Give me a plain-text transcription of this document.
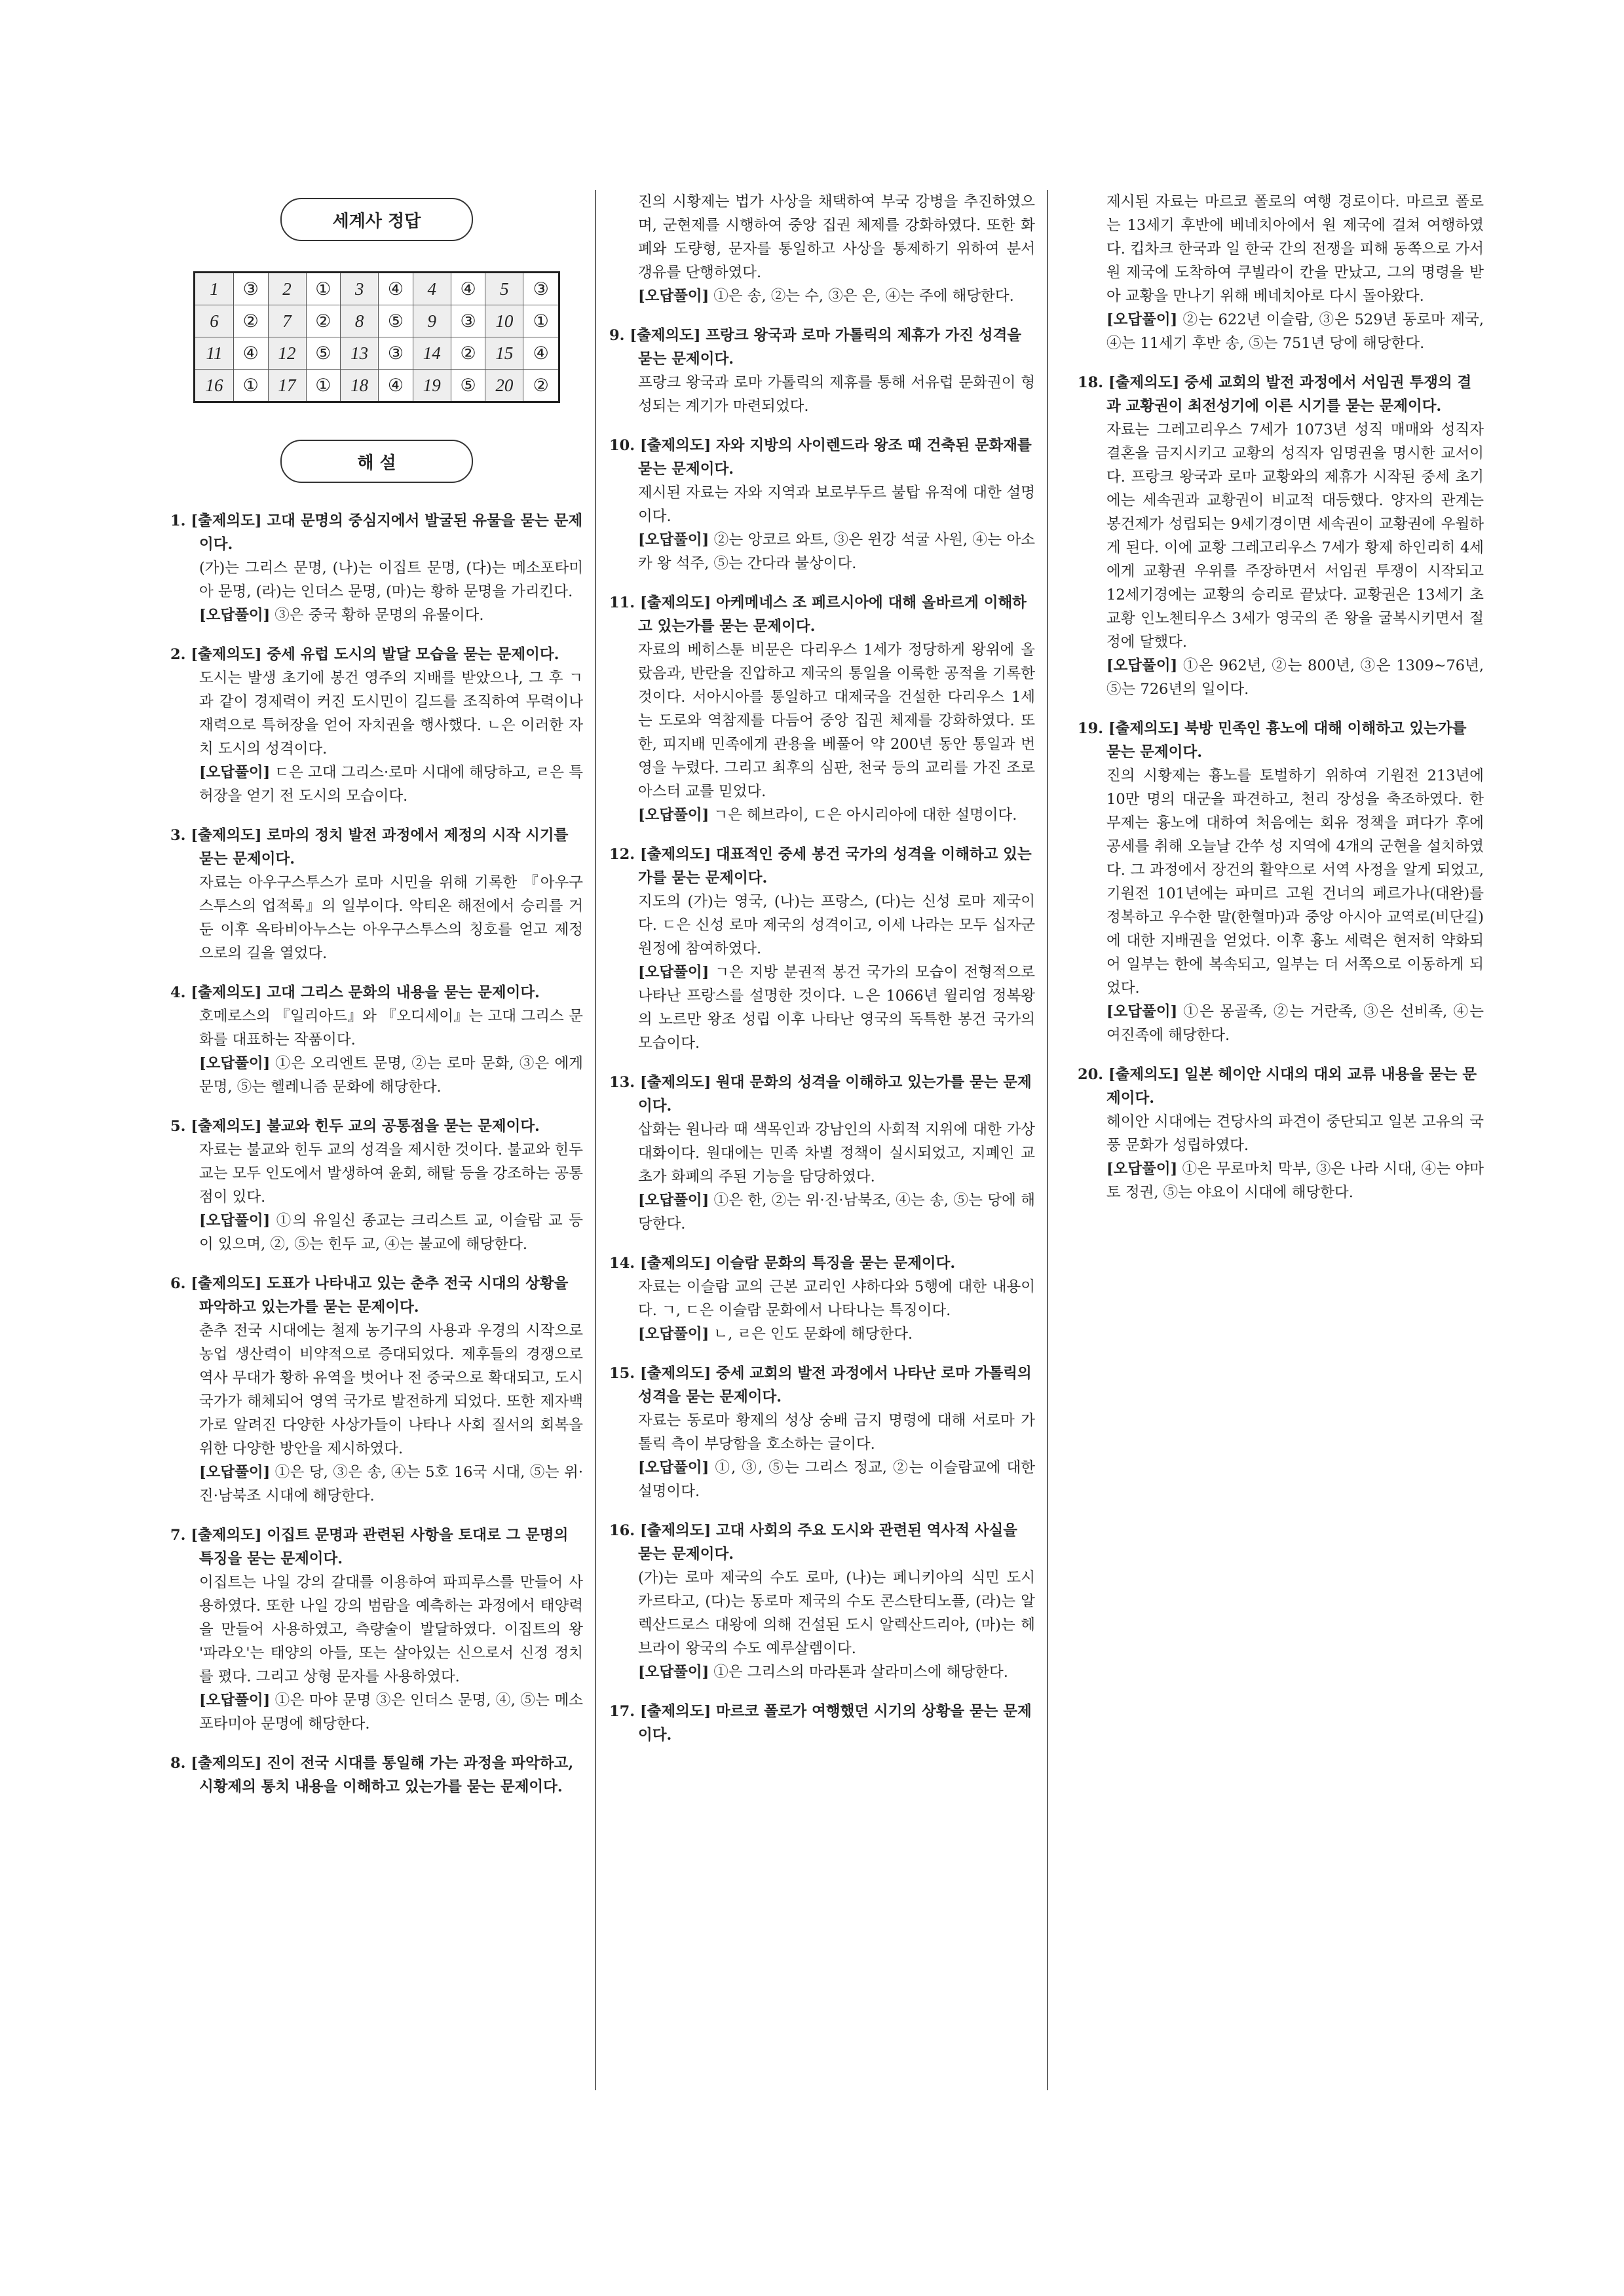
세계사 정답
1	③	2	①	3	④	4	④	5	③
6	②	7	②	8	⑤	9	③	10	①
11	④	12	⑤	13	③	14	②	15	④
16	①	17	①	18	④	19	⑤	20	②
해 설
1. [출제의도] 고대 문명의 중심지에서 발굴된 유물을 묻는 문제이다.

(가)는 그리스 문명, (나)는 이집트 문명, (다)는 메소포타미아 문명, (라)는 인더스 문명, (마)는 황하 문명을 가리킨다.

[오답풀이] ③은 중국 황하 문명의 유물이다.

2. [출제의도] 중세 유럽 도시의 발달 모습을 묻는 문제이다.

도시는 발생 초기에 봉건 영주의 지배를 받았으나, 그 후 ㄱ과 같이 경제력이 커진 도시민이 길드를 조직하여 무력이나 재력으로 특허장을 얻어 자치권을 행사했다. ㄴ은 이러한 자치 도시의 성격이다.

[오답풀이] ㄷ은 고대 그리스·로마 시대에 해당하고, ㄹ은 특허장을 얻기 전 도시의 모습이다.

3. [출제의도] 로마의 정치 발전 과정에서 제정의 시작 시기를 묻는 문제이다.

자료는 아우구스투스가 로마 시민을 위해 기록한 『아우구스투스의 업적록』의 일부이다. 악티온 해전에서 승리를 거둔 이후 옥타비아누스는 아우구스투스의 칭호를 얻고 제정으로의 길을 열었다.

4. [출제의도] 고대 그리스 문화의 내용을 묻는 문제이다.

호메로스의 『일리아드』와 『오디세이』는 고대 그리스 문화를 대표하는 작품이다.

[오답풀이] ①은 오리엔트 문명, ②는 로마 문화, ③은 에게 문명, ⑤는 헬레니즘 문화에 해당한다.

5. [출제의도] 불교와 힌두 교의 공통점을 묻는 문제이다.

자료는 불교와 힌두 교의 성격을 제시한 것이다. 불교와 힌두 교는 모두 인도에서 발생하여 윤회, 해탈 등을 강조하는 공통점이 있다.

[오답풀이] ①의 유일신 종교는 크리스트 교, 이슬람 교 등이 있으며, ②, ⑤는 힌두 교, ④는 불교에 해당한다.

6. [출제의도] 도표가 나타내고 있는 춘추 전국 시대의 상황을 파악하고 있는가를 묻는 문제이다.

춘추 전국 시대에는 철제 농기구의 사용과 우경의 시작으로 농업 생산력이 비약적으로 증대되었다. 제후들의 경쟁으로 역사 무대가 황하 유역을 벗어나 전 중국으로 확대되고, 도시 국가가 해체되어 영역 국가로 발전하게 되었다. 또한 제자백가로 알려진 다양한 사상가들이 나타나 사회 질서의 회복을 위한 다양한 방안을 제시하였다.

[오답풀이] ①은 당, ③은 송, ④는 5호 16국 시대, ⑤는 위·진·남북조 시대에 해당한다.

7. [출제의도] 이집트 문명과 관련된 사항을 토대로 그 문명의 특징을 묻는 문제이다.

이집트는 나일 강의 갈대를 이용하여 파피루스를 만들어 사용하였다. 또한 나일 강의 범람을 예측하는 과정에서 태양력을 만들어 사용하였고, 측량술이 발달하였다. 이집트의 왕 '파라오'는 태양의 아들, 또는 살아있는 신으로서 신정 정치를 폈다. 그리고 상형 문자를 사용하였다.

[오답풀이] ①은 마야 문명 ③은 인더스 문명, ④, ⑤는 메소포타미아 문명에 해당한다.

8. [출제의도] 진이 전국 시대를 통일해 가는 과정을 파악하고, 시황제의 통치 내용을 이해하고 있는가를 묻는 문제이다.

진의 시황제는 법가 사상을 채택하여 부국 강병을 추진하였으며, 군현제를 시행하여 중앙 집권 체제를 강화하였다. 또한 화폐와 도량형, 문자를 통일하고 사상을 통제하기 위하여 분서 갱유를 단행하였다.

[오답풀이] ①은 송, ②는 수, ③은 은, ④는 주에 해당한다.

9. [출제의도] 프랑크 왕국과 로마 가톨릭의 제휴가 가진 성격을 묻는 문제이다.

프랑크 왕국과 로마 가톨릭의 제휴를 통해 서유럽 문화권이 형성되는 계기가 마련되었다.

10. [출제의도] 자와 지방의 사이렌드라 왕조 때 건축된 문화재를 묻는 문제이다.

제시된 자료는 자와 지역과 보로부두르 불탑 유적에 대한 설명이다.

[오답풀이] ②는 앙코르 와트, ③은 윈강 석굴 사원, ④는 아소카 왕 석주, ⑤는 간다라 불상이다.

11. [출제의도] 아케메네스 조 페르시아에 대해 올바르게 이해하고 있는가를 묻는 문제이다.

자료의 베히스툰 비문은 다리우스 1세가 정당하게 왕위에 올랐음과, 반란을 진압하고 제국의 통일을 이룩한 공적을 기록한 것이다. 서아시아를 통일하고 대제국을 건설한 다리우스 1세는 도로와 역참제를 다듬어 중앙 집권 체제를 강화하였다. 또한, 피지배 민족에게 관용을 베풀어 약 200년 동안 통일과 번영을 누렸다. 그리고 최후의 심판, 천국 등의 교리를 가진 조로아스터 교를 믿었다.

[오답풀이] ㄱ은 헤브라이, ㄷ은 아시리아에 대한 설명이다.

12. [출제의도] 대표적인 중세 봉건 국가의 성격을 이해하고 있는가를 묻는 문제이다.

지도의 (가)는 영국, (나)는 프랑스, (다)는 신성 로마 제국이다. ㄷ은 신성 로마 제국의 성격이고, 이세 나라는 모두 십자군 원정에 참여하였다.

[오답풀이] ㄱ은 지방 분권적 봉건 국가의 모습이 전형적으로 나타난 프랑스를 설명한 것이다. ㄴ은 1066년 윌리엄 정복왕의 노르만 왕조 성립 이후 나타난 영국의 독특한 봉건 국가의 모습이다.

13. [출제의도] 원대 문화의 성격을 이해하고 있는가를 묻는 문제이다.

삽화는 원나라 때 색목인과 강남인의 사회적 지위에 대한 가상 대화이다. 원대에는 민족 차별 정책이 실시되었고, 지폐인 교초가 화폐의 주된 기능을 담당하였다.

[오답풀이] ①은 한, ②는 위·진·남북조, ④는 송, ⑤는 당에 해당한다.

14. [출제의도] 이슬람 문화의 특징을 묻는 문제이다.

자료는 이슬람 교의 근본 교리인 샤하다와 5행에 대한 내용이다. ㄱ, ㄷ은 이슬람 문화에서 나타나는 특징이다.

[오답풀이] ㄴ, ㄹ은 인도 문화에 해당한다.

15. [출제의도] 중세 교회의 발전 과정에서 나타난 로마 가톨릭의 성격을 묻는 문제이다.

자료는 동로마 황제의 성상 숭배 금지 명령에 대해 서로마 가톨릭 측이 부당함을 호소하는 글이다.

[오답풀이] ①, ③, ⑤는 그리스 정교, ②는 이슬람교에 대한 설명이다.

16. [출제의도] 고대 사회의 주요 도시와 관련된 역사적 사실을 묻는 문제이다.

(가)는 로마 제국의 수도 로마, (나)는 페니키아의 식민 도시 카르타고, (다)는 동로마 제국의 수도 콘스탄티노플, (라)는 알렉산드로스 대왕에 의해 건설된 도시 알렉산드리아, (마)는 헤브라이 왕국의 수도 예루살렘이다.

[오답풀이] ①은 그리스의 마라톤과 살라미스에 해당한다.

17. [출제의도] 마르코 폴로가 여행했던 시기의 상황을 묻는 문제이다.

제시된 자료는 마르코 폴로의 여행 경로이다. 마르코 폴로는 13세기 후반에 베네치아에서 원 제국에 걸쳐 여행하였다. 킵차크 한국과 일 한국 간의 전쟁을 피해 동쪽으로 가서 원 제국에 도착하여 쿠빌라이 칸을 만났고, 그의 명령을 받아 교황을 만나기 위해 베네치아로 다시 돌아왔다.

[오답풀이] ②는 622년 이슬람, ③은 529년 동로마 제국, ④는 11세기 후반 송, ⑤는 751년 당에 해당한다.

18. [출제의도] 중세 교회의 발전 과정에서 서임권 투쟁의 결과 교황권이 최전성기에 이른 시기를 묻는 문제이다.

자료는 그레고리우스 7세가 1073년 성직 매매와 성직자 결혼을 금지시키고 교황의 성직자 임명권을 명시한 교서이다. 프랑크 왕국과 로마 교황와의 제휴가 시작된 중세 초기에는 세속권과 교황권이 비교적 대등했다. 양자의 관계는 봉건제가 성립되는 9세기경이면 세속권이 교황권에 우월하게 된다. 이에 교황 그레고리우스 7세가 황제 하인리히 4세에게 교황권 우위를 주장하면서 서임권 투쟁이 시작되고 12세기경에는 교황의 승리로 끝났다. 교황권은 13세기 초 교황 인노첸티우스 3세가 영국의 존 왕을 굴복시키면서 절정에 달했다.

[오답풀이] ①은 962년, ②는 800년, ③은 1309~76년, ⑤는 726년의 일이다.

19. [출제의도] 북방 민족인 흉노에 대해 이해하고 있는가를 묻는 문제이다.

진의 시황제는 흉노를 토벌하기 위하여 기원전 213년에 10만 명의 대군을 파견하고, 천리 장성을 축조하였다. 한 무제는 흉노에 대하여 처음에는 회유 정책을 펴다가 후에 공세를 취해 오늘날 간쑤 성 지역에 4개의 군현을 설치하였다. 그 과정에서 장건의 활약으로 서역 사정을 알게 되었고, 기원전 101년에는 파미르 고원 건너의 페르가나(대완)를 정복하고 우수한 말(한혈마)과 중앙 아시아 교역로(비단길)에 대한 지배권을 얻었다. 이후 흉노 세력은 현저히 약화되어 일부는 한에 복속되고, 일부는 더 서쪽으로 이동하게 되었다.

[오답풀이] ①은 몽골족, ②는 거란족, ③은 선비족, ④는 여진족에 해당한다.

20. [출제의도] 일본 헤이안 시대의 대외 교류 내용을 묻는 문제이다.

헤이안 시대에는 견당사의 파견이 중단되고 일본 고유의 국풍 문화가 성립하였다.

[오답풀이] ①은 무로마치 막부, ③은 나라 시대, ④는 야마토 정권, ⑤는 야요이 시대에 해당한다.
